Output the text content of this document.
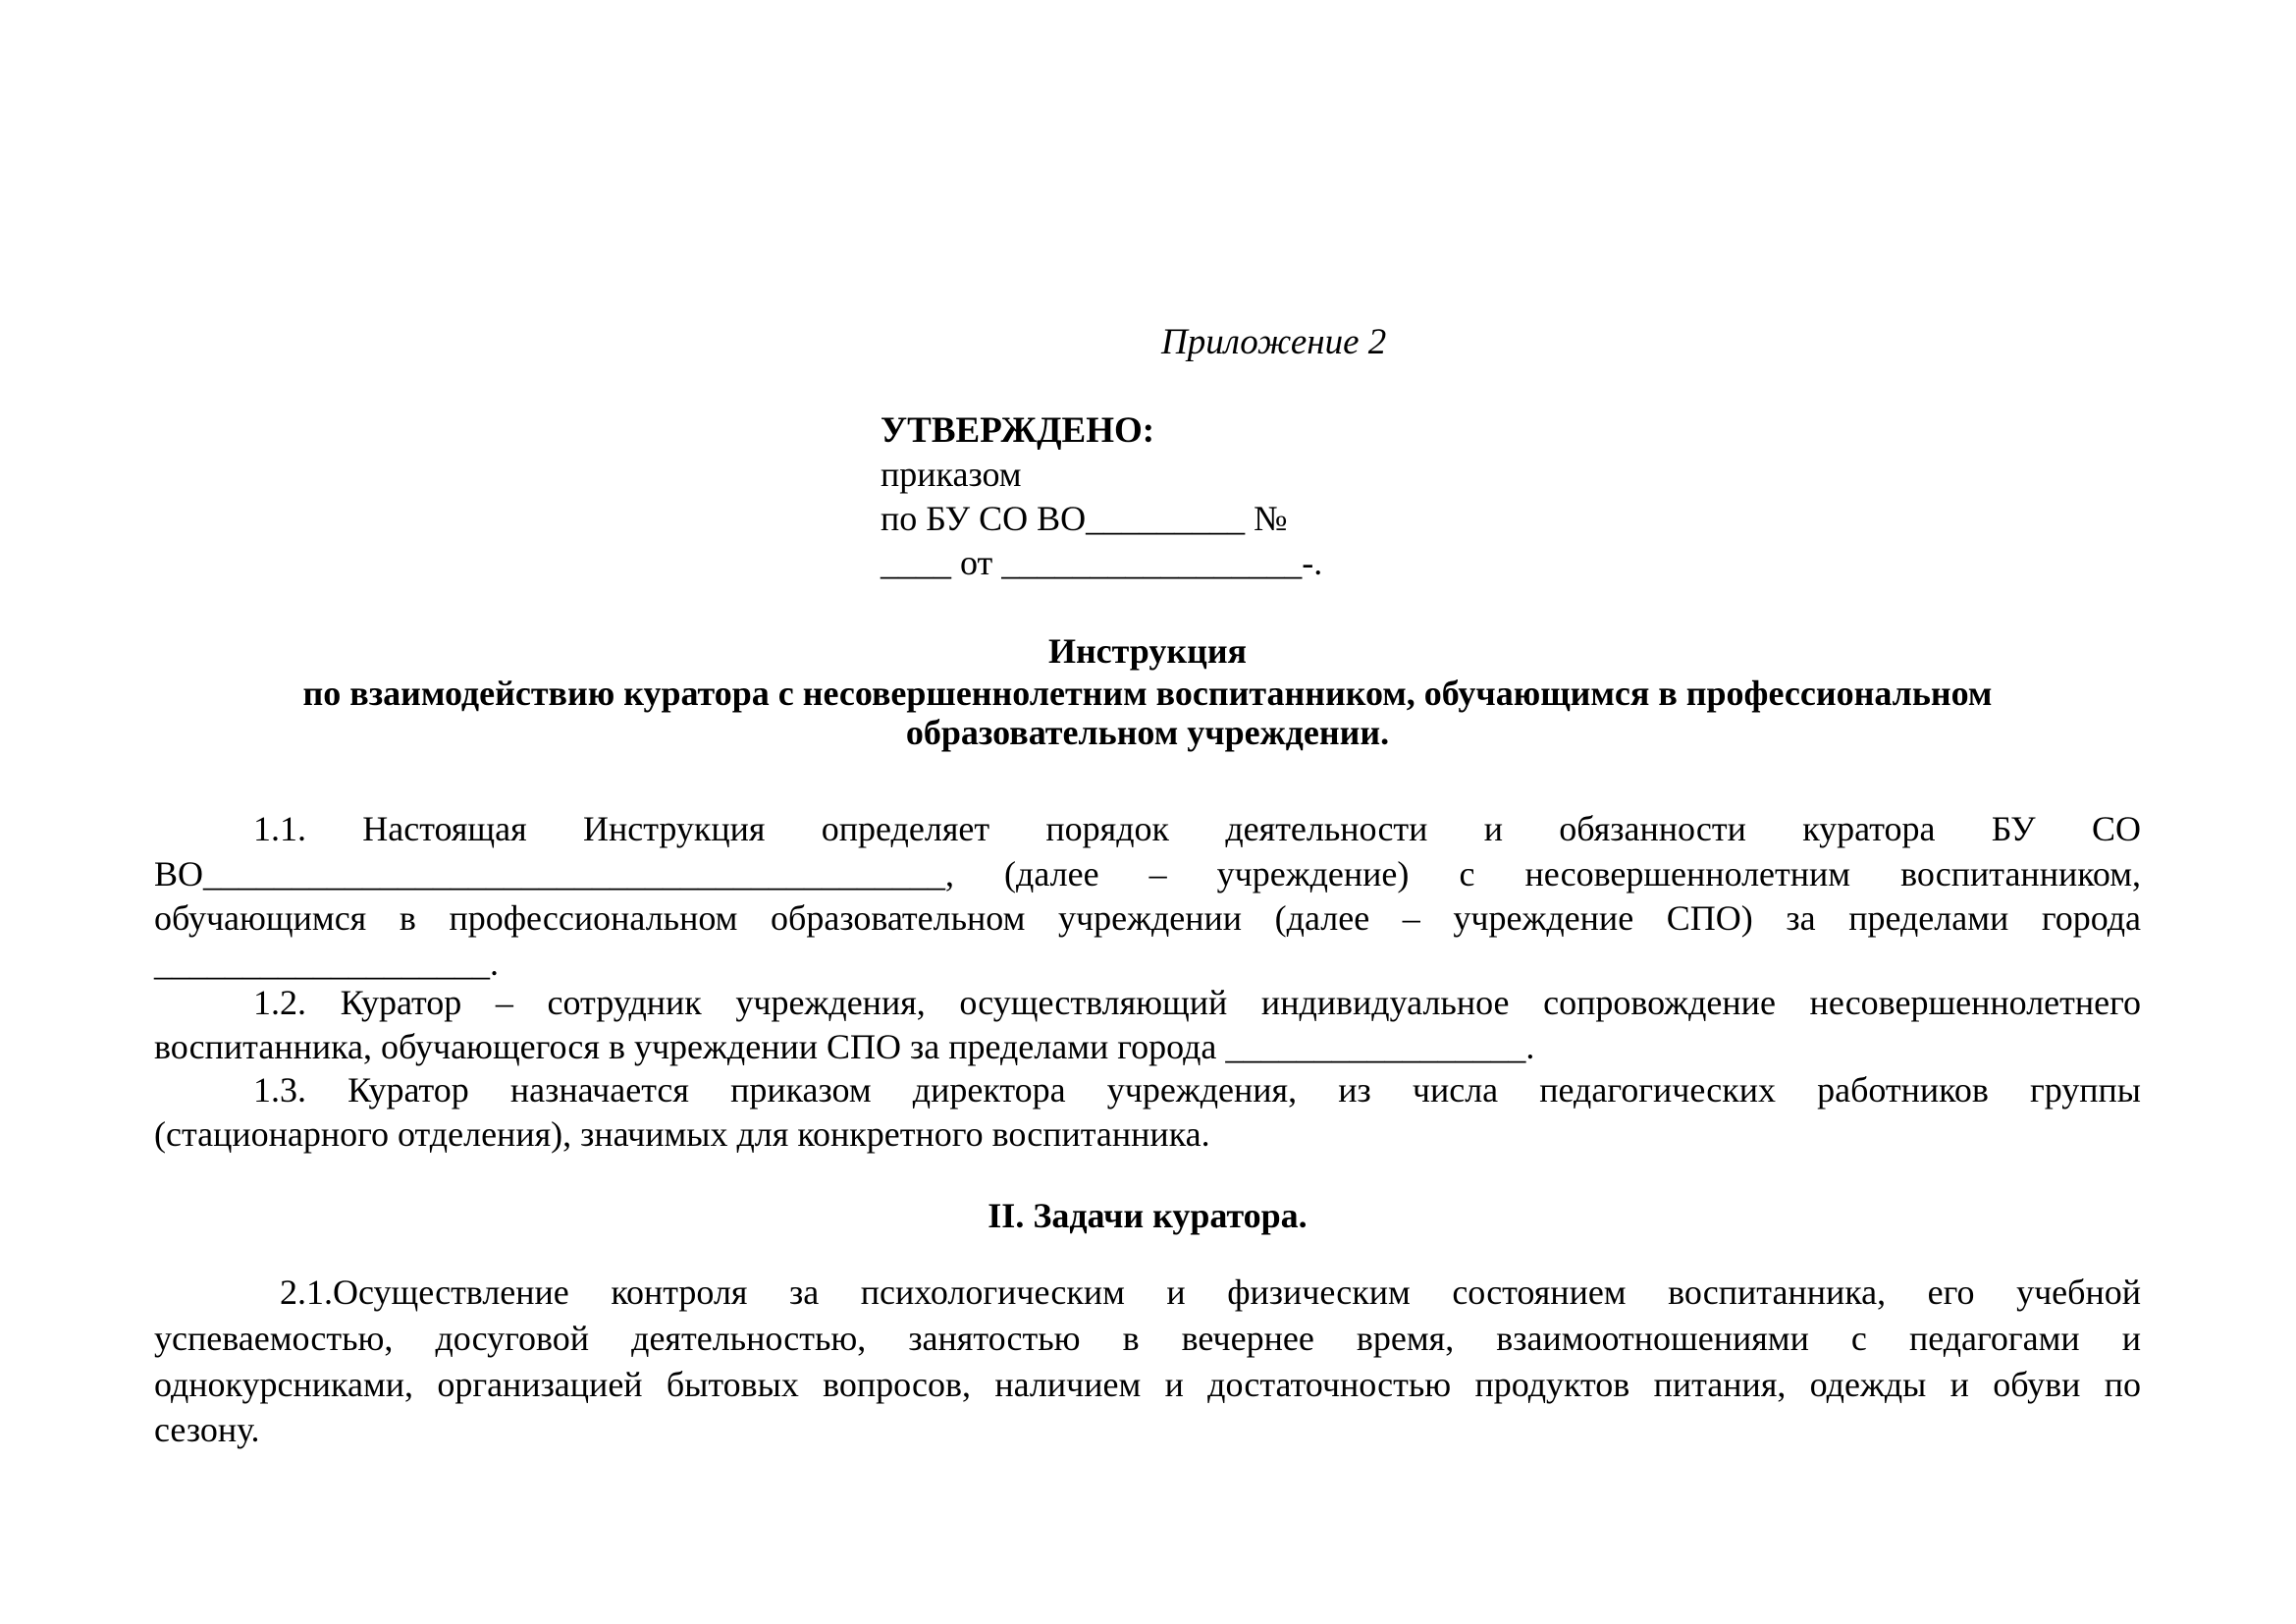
Приложение 2
УТВЕРЖДЕНО:
приказом
по БУ СО ВО_________ №
____ от _________________-.
Инструкция
по взаимодействию куратора с несовершеннолетним воспитанником, обучающимся в профессиональном
образовательном учреждении.
1.1. Настоящая Инструкция определяет порядок деятельности и обязанности куратора БУ СО
ВО__________________________________________, (далее – учреждение) с несовершеннолетним воспитанником,
обучающимся в профессиональном образовательном учреждении (далее – учреждение СПО) за пределами города
___________________.
1.2. Куратор – сотрудник учреждения, осуществляющий индивидуальное сопровождение несовершеннолетнего
воспитанника, обучающегося в учреждении СПО за пределами города _________________.
1.3. Куратор назначается приказом директора учреждения, из числа педагогических работников группы
(стационарного отделения), значимых для конкретного воспитанника.
II. Задачи куратора.
2.1.Осуществление контроля за психологическим и физическим состоянием воспитанника, его учебной
успеваемостью, досуговой деятельностью, занятостью в вечернее время, взаимоотношениями с педагогами и
однокурсниками, организацией бытовых вопросов, наличием и достаточностью продуктов питания, одежды и обуви по
сезону.
